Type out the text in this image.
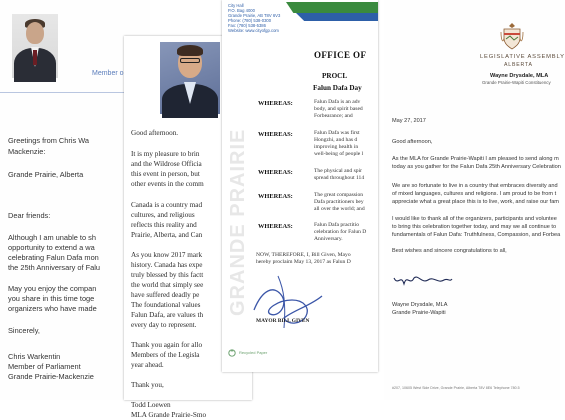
Member o
Greetings from Chris Wa
Mackenzie:
Grande Prairie, Alberta
Dear friends:
Although I am unable to sh
opportunity to extend a wa
celebrating Falun Dafa mon
the 25th Anniversary of Falu
May you enjoy the compan
you share in this time toge
organizers who have made
Sincerely,
Chris Warkentin
Member of Parliament
Grande Prairie-Mackenzie
Good afternoon.
It is my pleasure to brin
and the Wildrose Officia
this event in person, but
other events in the comm
Canada is a country mad
cultures, and religious
reflects this reality and
Prairie, Alberta, and Can
As you know 2017 mark
history. Canada has expe
truly blessed by this factt
the world that simply see
have suffered deadly pe
The foundational values
Falun Dafa, are values th
every day to represent.
Thank you again for allo
Members of the Legisla
year ahead.
Thank you,
Todd Loewen
MLA Grande Prairie-Smo
City Hall
P.O. Bag 4000
Grande Prairie, AB T8V 6V3
Phone: (780) 538-0300
Fax: (780) 538-5386
Website: www.cityofgp.com
OFFICE OF
PROCL
Falun Dafa Day
WHEREAS:	Falun Dafa is an adv
body, and spirit based
Forbearance; and
WHEREAS:	Falun Dafa was first
Hongzhi, and has d
improving health in
well-being of people l
WHEREAS:	The physical and spir
spread throughout 114
WHEREAS:	The great compassion
Dafa practitioners bey
all over the world; and
WHEREAS:	Falun Dafa practitio
celebration for Falun D
Anniversary.
NOW, THEREFORE, I, Bill Given, Mayo
hereby proclaim May 13, 2017 as Falun D
MAYOR BILL GIVEN
Recycled Paper
GRANDE PRAIRIE
LEGISLATIVE ASSEMBLY
ALBERTA
Wayne Drysdale, MLA
Grande Prairie-Wapiti Constituency
May 27, 2017
Good afternoon,
As the MLA for Grande Prairie-Wapiti I am pleased to send along m
today as you gather for the Falun Dafa 25th Anniversary Celebration
We are so fortunate to live in a country that embraces diversity and
of mixed languages, cultures and religions. I am proud to be from t
appreciate what a great place this is to live, work, and raise our fam
I would like to thank all of the organizers, participants and voluntee
to bring this celebration together today, and may we all continue to
fundamentals of Falun Dafa: Truthfulness, Compassion, and Forbea
Best wishes and sincere congratulations to all,
Wayne Drysdale, MLA
Grande Prairie-Wapiti
#207, 10605 West Side Drive, Grande Prairie, Alberta T8V 8E6 Telephone 780.5
